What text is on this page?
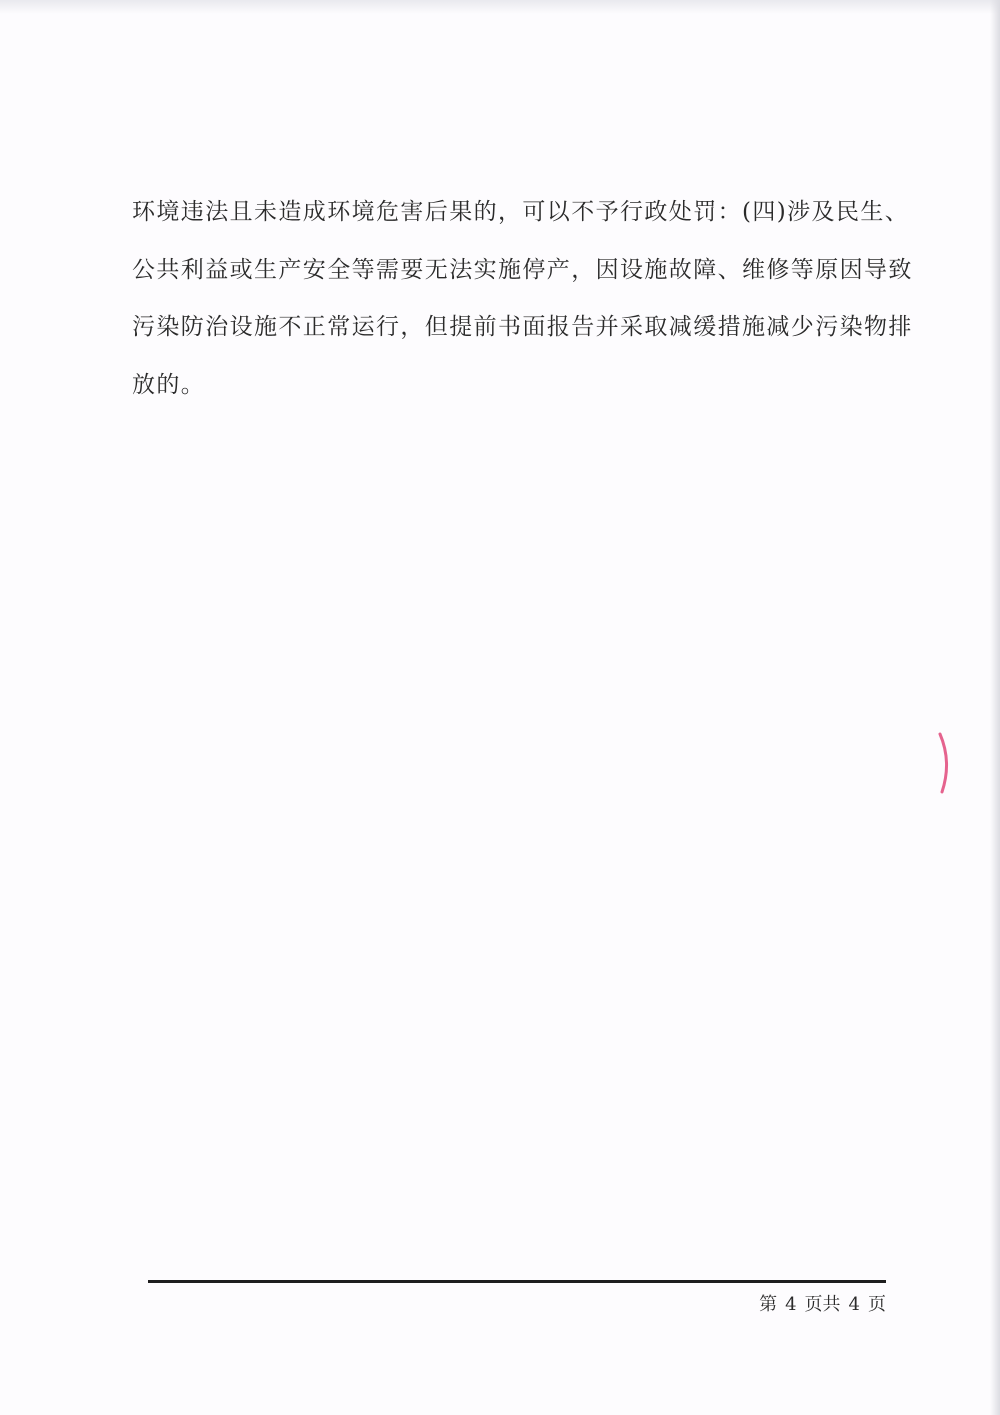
环境违法且未造成环境危害后果的，可以不予行政处罚：(四)涉及民生、
公共利益或生产安全等需要无法实施停产，因设施故障、维修等原因导致
污染防治设施不正常运行，但提前书面报告并采取减缓措施减少污染物排
放的。
第 4 页共 4 页
